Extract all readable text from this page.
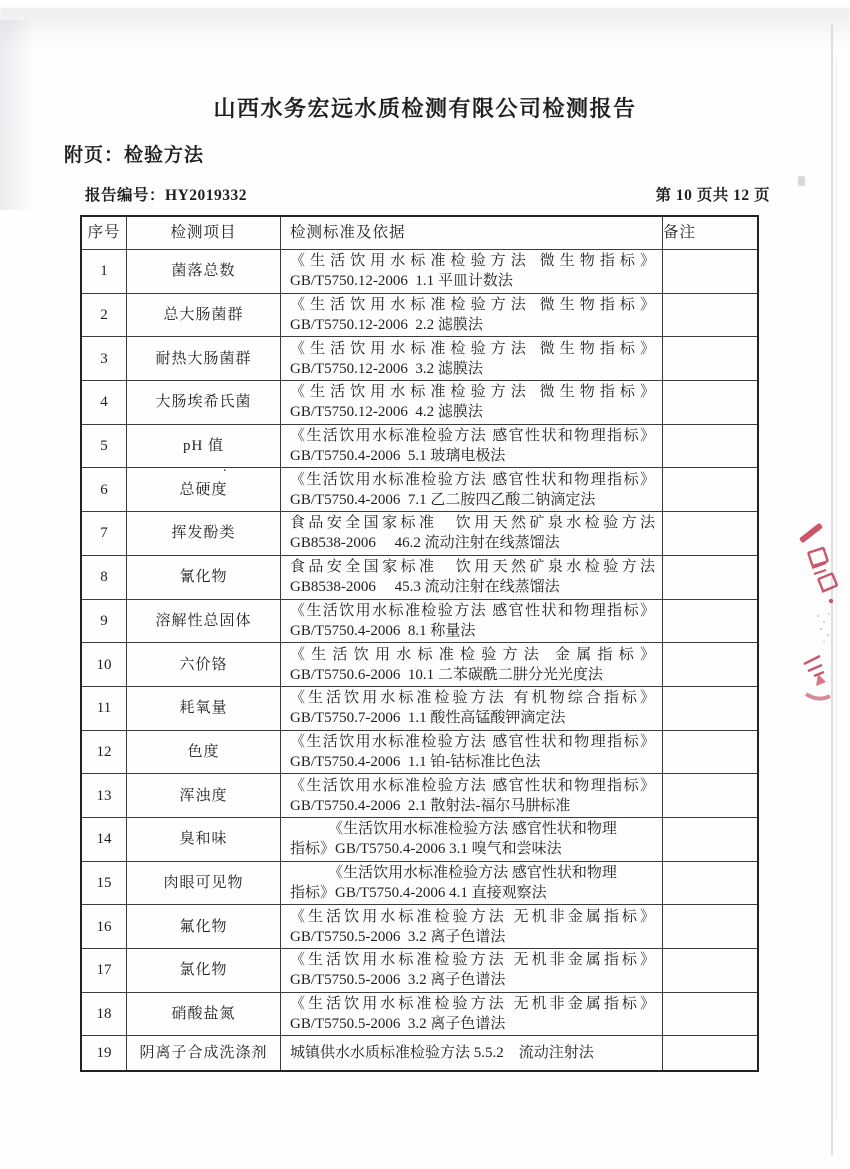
山西水务宏远水质检测有限公司检测报告
附页：检验方法
报告编号：HY2019332	第 10 页共 12 页
序号	检测项目	检测标准及依据	备注
1	菌落总数
《生活饮用水标准检验方法 微生物指标》
GB/T5750.12-2006  1.1 平皿计数法
2	总大肠菌群
《生活饮用水标准检验方法 微生物指标》
GB/T5750.12-2006  2.2 滤膜法
3	耐热大肠菌群
《生活饮用水标准检验方法 微生物指标》
GB/T5750.12-2006  3.2 滤膜法
4	大肠埃希氏菌
《生活饮用水标准检验方法 微生物指标》
GB/T5750.12-2006  4.2 滤膜法
5	pH 值
《生活饮用水标准检验方法 感官性状和物理指标》
GB/T5750.4-2006  5.1 玻璃电极法
6	总硬度
《生活饮用水标准检验方法 感官性状和物理指标》
GB/T5750.4-2006  7.1 乙二胺四乙酸二钠滴定法
7	挥发酚类
食品安全国家标准　饮用天然矿泉水检验方法
GB8538-2006　 46.2 流动注射在线蒸馏法
8	氰化物
食品安全国家标准　饮用天然矿泉水检验方法
GB8538-2006　 45.3 流动注射在线蒸馏法
9	溶解性总固体
《生活饮用水标准检验方法 感官性状和物理指标》
GB/T5750.4-2006  8.1 称量法
10	六价铬
《生活饮用水标准检验方法 金属指标》
GB/T5750.6-2006  10.1 二苯碳酰二肼分光光度法
11	耗氧量
《生活饮用水标准检验方法 有机物综合指标》
GB/T5750.7-2006  1.1 酸性高锰酸钾滴定法
12	色度
《生活饮用水标准检验方法 感官性状和物理指标》
GB/T5750.4-2006  1.1 铂-钴标准比色法
13	浑浊度
《生活饮用水标准检验方法 感官性状和物理指标》
GB/T5750.4-2006  2.1 散射法-福尔马肼标准
14	臭和味
《生活饮用水标准检验方法 感官性状和物理
指标》GB/T5750.4-2006 3.1 嗅气和尝味法
15	肉眼可见物
《生活饮用水标准检验方法 感官性状和物理
指标》GB/T5750.4-2006 4.1 直接观察法
16	氟化物
《生活饮用水标准检验方法 无机非金属指标》
GB/T5750.5-2006  3.2 离子色谱法
17	氯化物
《生活饮用水标准检验方法 无机非金属指标》
GB/T5750.5-2006  3.2 离子色谱法
18	硝酸盐氮
《生活饮用水标准检验方法 无机非金属指标》
GB/T5750.5-2006  3.2 离子色谱法
19	阴离子合成洗涤剂	城镇供水水质标准检验方法 5.5.2　流动注射法
.
